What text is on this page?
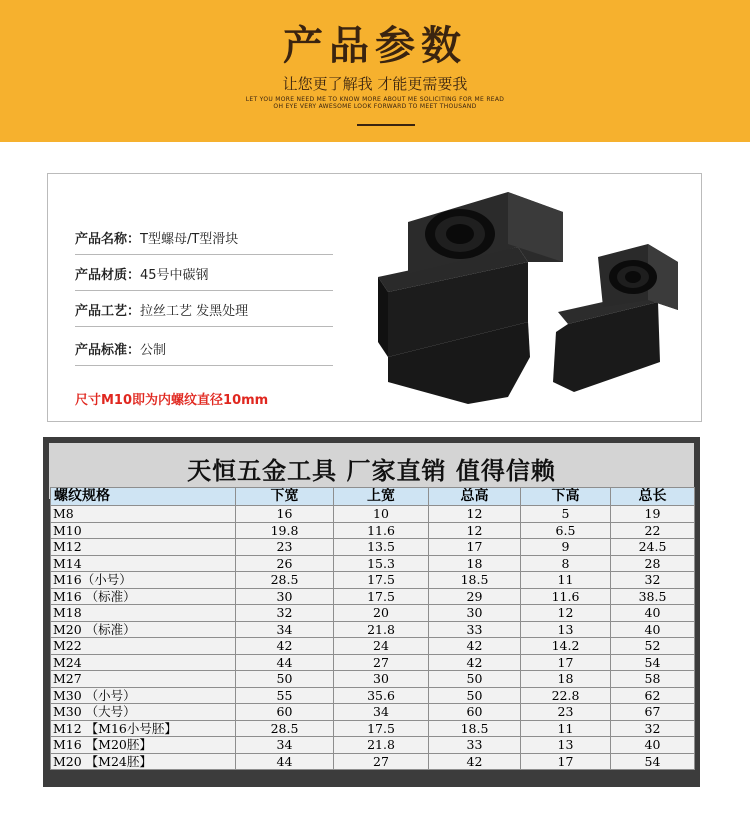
产品参数
让您更了解我 才能更需要我
LET YOU MORE NEED ME TO KNOW MORE ABOUT ME SOLICITING FOR ME READ
OH EYE VERY AWESOME LOOK FORWARD TO MEET THOUSAND
产品名称：T型螺母/T型滑块
产品材质：45号中碳钢
产品工艺：拉丝工艺 发黑处理
产品标准：公制
尺寸M10即为内螺纹直径10mm
天恒五金工具 厂家直销 值得信赖
螺纹规格	下宽	上宽	总高	下高	总长
M8	16	10	12	5	19
M10	19.8	11.6	12	6.5	22
M12	23	13.5	17	9	24.5
M14	26	15.3	18	8	28
M16（小号）	28.5	17.5	18.5	11	32
M16 （标准）	30	17.5	29	11.6	38.5
M18	32	20	30	12	40
M20 （标准）	34	21.8	33	13	40
M22	42	24	42	14.2	52
M24	44	27	42	17	54
M27	50	30	50	18	58
M30 （小号）	55	35.6	50	22.8	62
M30 （大号）	60	34	60	23	67
M12 【M16小号胚】	28.5	17.5	18.5	11	32
M16 【M20胚】	34	21.8	33	13	40
M20 【M24胚】	44	27	42	17	54
